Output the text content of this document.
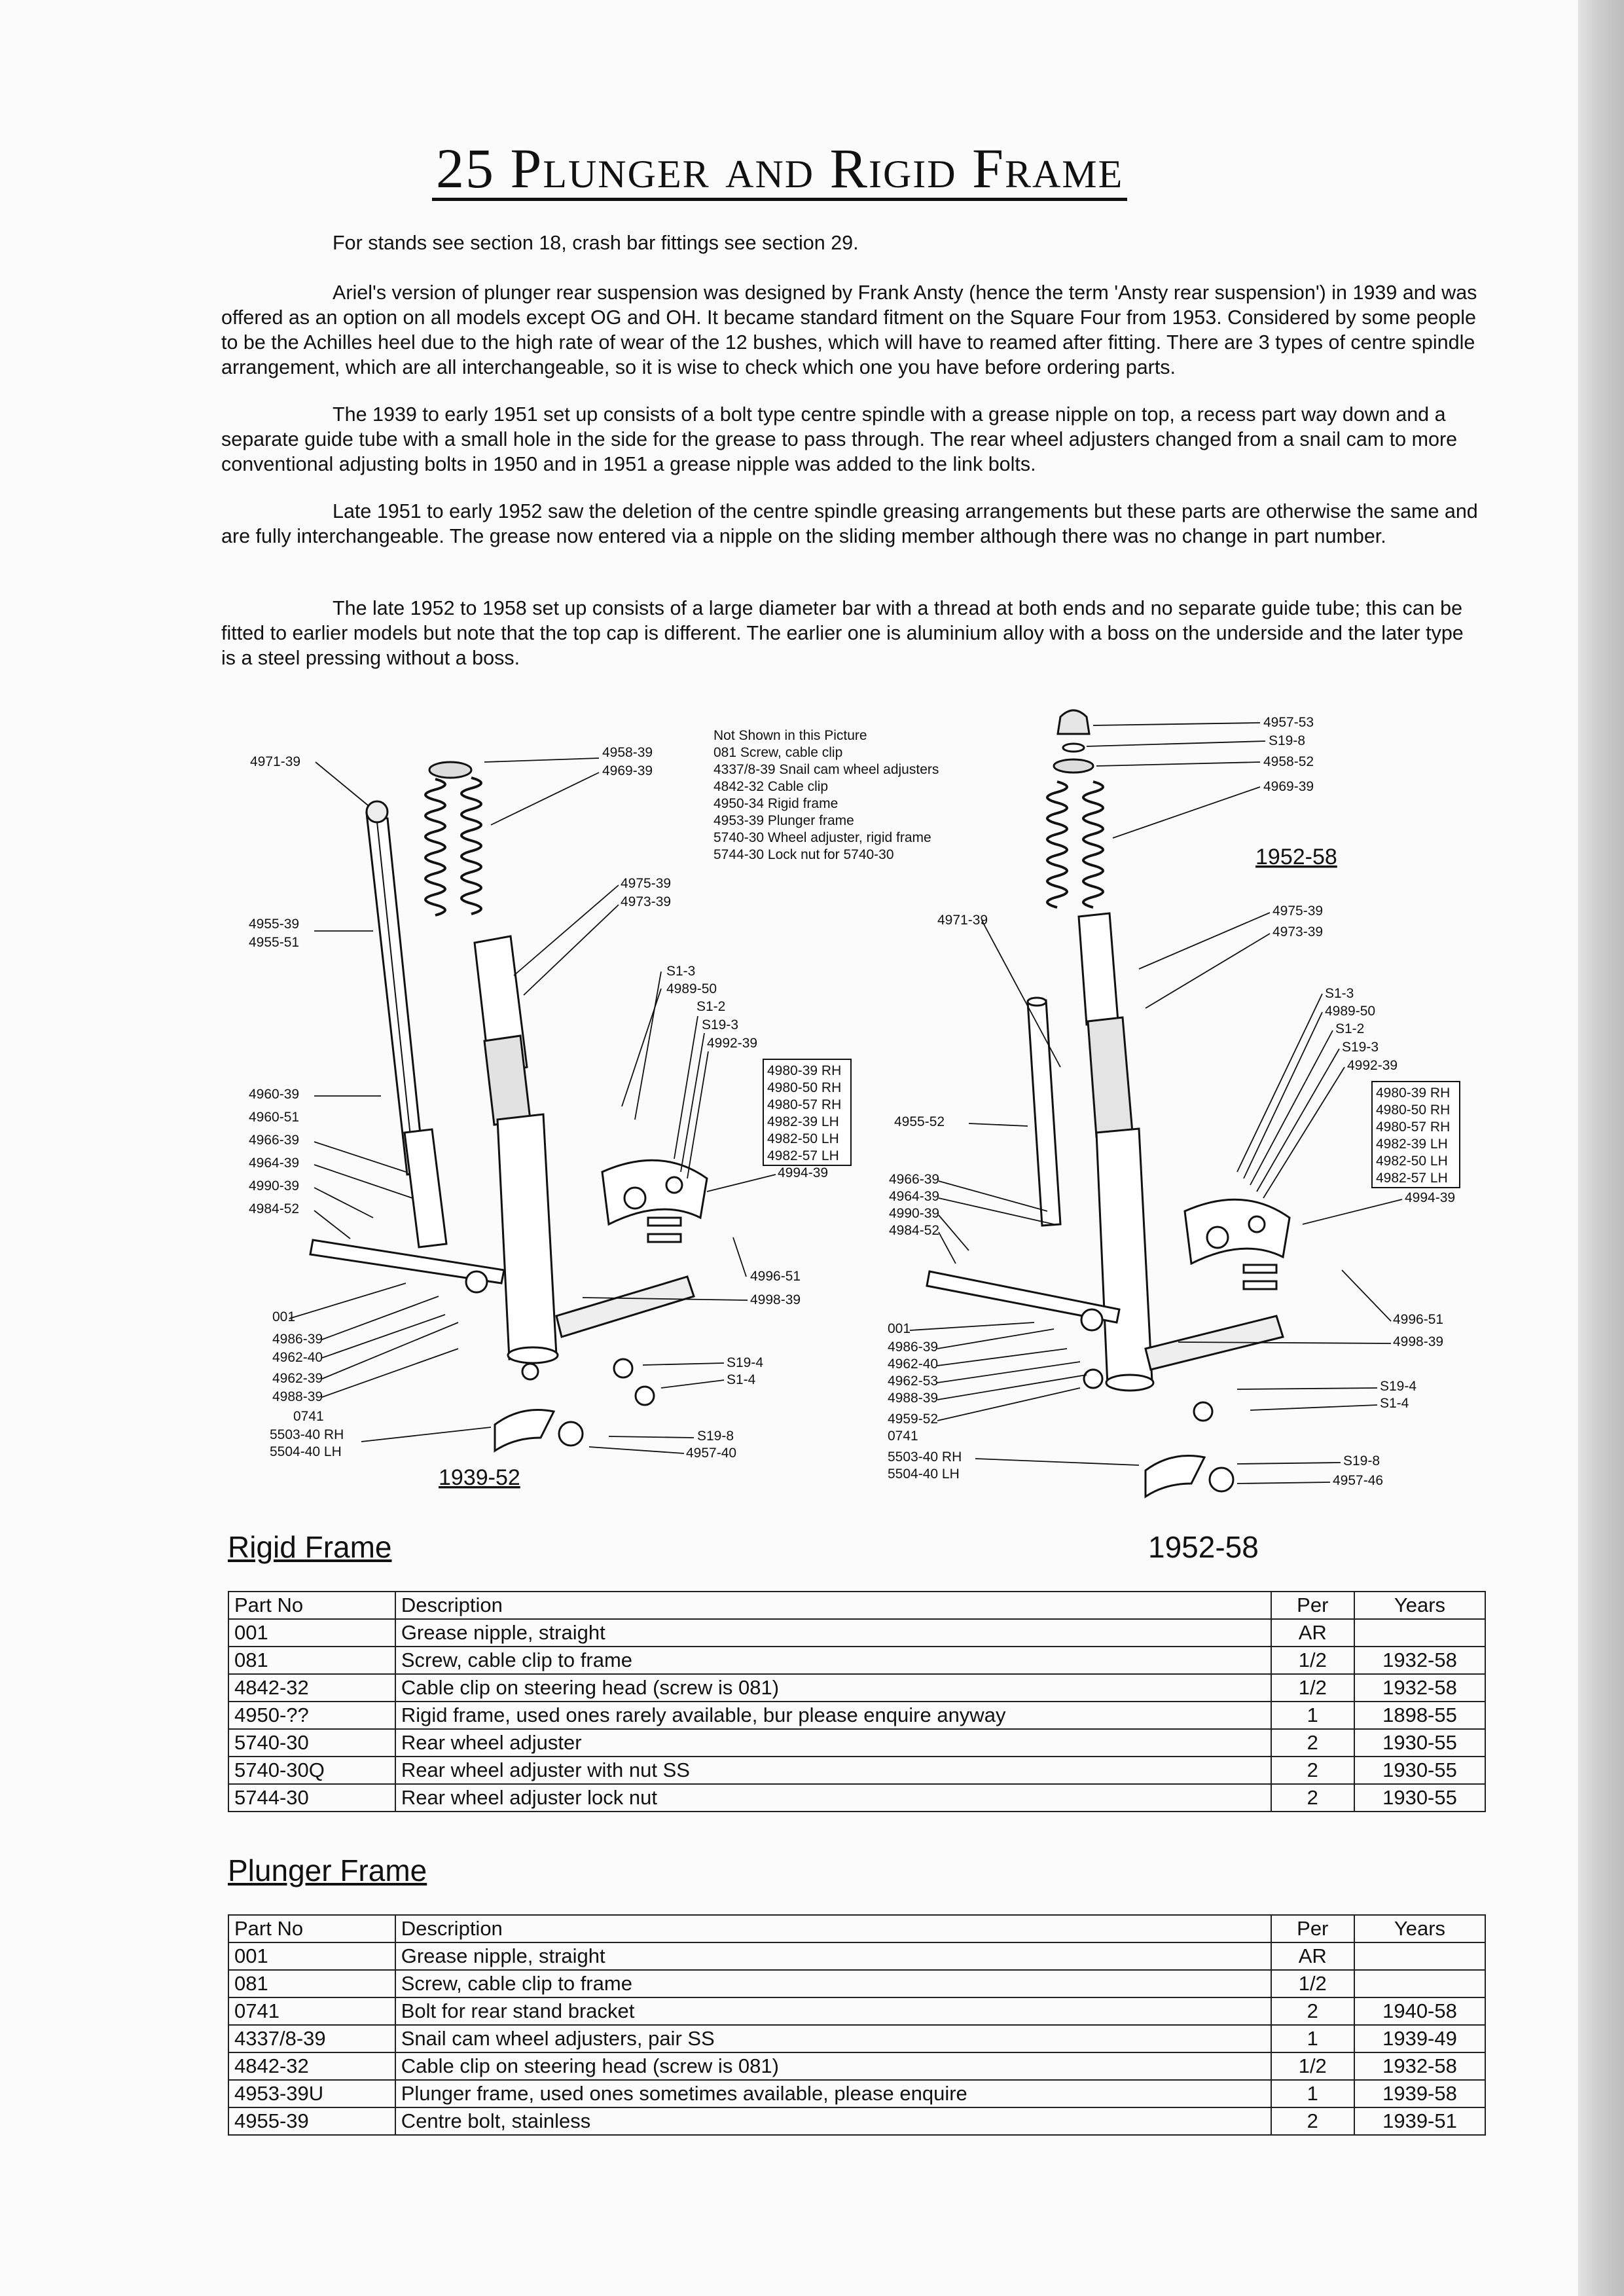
25 Plunger and Rigid Frame

For stands see section 18, crash bar fittings see section 29.

Ariel's version of plunger rear suspension was designed by Frank Ansty (hence the term 'Ansty rear suspension') in 1939 and was offered as an option on all models except OG and OH. It became standard fitment on the Square Four from 1953. Considered by some people to be the Achilles heel due to the high rate of wear of the 12 bushes, which will have to reamed after fitting. There are 3 types of centre spindle arrangement, which are all interchangeable, so it is wise to check which one you have before ordering parts.

The 1939 to early 1951 set up consists of a bolt type centre spindle with a grease nipple on top, a recess part way down and a separate guide tube with a small hole in the side for the grease to pass through. The rear wheel adjusters changed from a snail cam to more conventional adjusting bolts in 1950 and in 1951 a grease nipple was added to the link bolts.

Late 1951 to early 1952 saw the deletion of the centre spindle greasing arrangements but these parts are otherwise the same and are fully interchangeable. The grease now entered via a nipple on the sliding member although there was no change in part number.

The late 1952 to 1958 set up consists of a large diameter bar with a thread at both ends and no separate guide tube; this can be fitted to earlier models but note that the top cap is different. The earlier one is aluminium alloy with a boss on the underside and the later type is a steel pressing without a boss.

4971-39
4958-39
4969-39
4955-39
4955-51
4975-39
4973-39
S1-3
4989-50
S1-2
S19-3
4992-39
4960-39
4960-51
4966-39
4964-39
4990-39
4984-52
4994-39
4996-51
4998-39
001
4986-39
4962-40
4962-39
4988-39
0741
S19-4
S1-4
5503-40 RH
5504-40 LH
S19-8
4957-40
4980-39 RH
4980-50 RH
4980-57 RH
4982-39 LH
4982-50 LH
4982-57 LH
1939-52
Not Shown in this Picture
081 Screw, cable clip
4337/8-39 Snail cam wheel adjusters
4842-32 Cable clip
4950-34 Rigid frame
4953-39 Plunger frame
5740-30 Wheel adjuster, rigid frame
5744-30 Lock nut for 5740-30
4957-53
S19-8
4958-52
4969-39
1952-58
4971-39
4975-39
4973-39
S1-3
4989-50
S1-2
S19-3
4992-39
4955-52
4994-39
4966-39
4964-39
4990-39
4984-52
4996-51
4998-39
001
4986-39
4962-40
4962-53
4988-39
4959-52
0741
S19-4
S1-4
5503-40 RH
5504-40 LH
S19-8
4957-46
4980-39 RH
4980-50 RH
4980-57 RH
4982-39 LH
4982-50 LH
4982-57 LH
Rigid Frame	1952-58
Part No	Description	Per	Years
001	Grease nipple, straight	AR	
081	Screw, cable clip to frame	1/2	1932-58
4842-32	Cable clip on steering head (screw is 081)	1/2	1932-58
4950-??	Rigid frame, used ones rarely available, bur please enquire anyway	1	1898-55
5740-30	Rear wheel adjuster	2	1930-55
5740-30Q	Rear wheel adjuster with nut SS	2	1930-55
5744-30	Rear wheel adjuster lock nut	2	1930-55
Plunger Frame
Part No	Description	Per	Years
001	Grease nipple, straight	AR	
081	Screw, cable clip to frame	1/2	
0741	Bolt for rear stand bracket	2	1940-58
4337/8-39	Snail cam wheel adjusters, pair SS	1	1939-49
4842-32	Cable clip on steering head (screw is 081)	1/2	1932-58
4953-39U	Plunger frame, used ones sometimes available, please enquire	1	1939-58
4955-39	Centre bolt, stainless	2	1939-51
